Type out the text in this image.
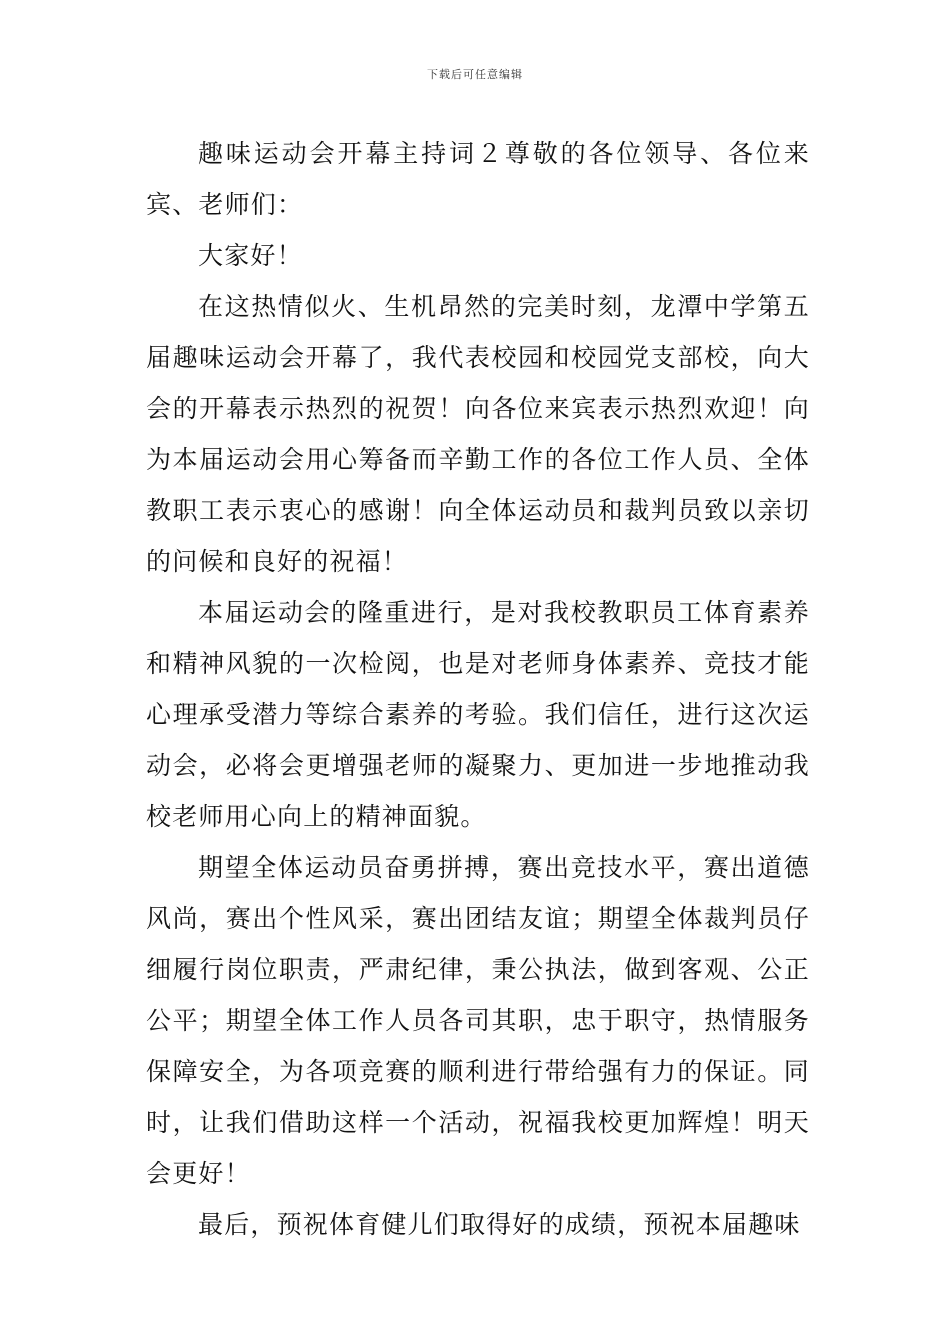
下载后可任意编辑

趣味运动会开幕主持词２尊敬的各位领导、各位来宾、老师们：

大家好！

在这热情似火、生机昂然的完美时刻，龙潭中学第五届趣味运动会开幕了，我代表校园和校园党支部校，向大会的开幕表示热烈的祝贺！向各位来宾表示热烈欢迎！向为本届运动会用心筹备而辛勤工作的各位工作人员、全体教职工表示衷心的感谢！向全体运动员和裁判员致以亲切的问候和良好的祝福！

本届运动会的隆重进行，是对我校教职员工体育素养和精神风貌的一次检阅，也是对老师身体素养、竞技才能心理承受潜力等综合素养的考验。我们信任，进行这次运动会，必将会更增强老师的凝聚力、更加进一步地推动我校老师用心向上的精神面貌。

期望全体运动员奋勇拼搏，赛出竞技水平，赛出道德风尚，赛出个性风采，赛出团结友谊；期望全体裁判员仔细履行岗位职责，严肃纪律，秉公执法，做到客观、公正公平；期望全体工作人员各司其职，忠于职守，热情服务保障安全，为各项竞赛的顺利进行带给强有力的保证。同时，让我们借助这样一个活动，祝福我校更加辉煌！明天会更好！

最后，预祝体育健儿们取得好的成绩，预祝本届趣味
